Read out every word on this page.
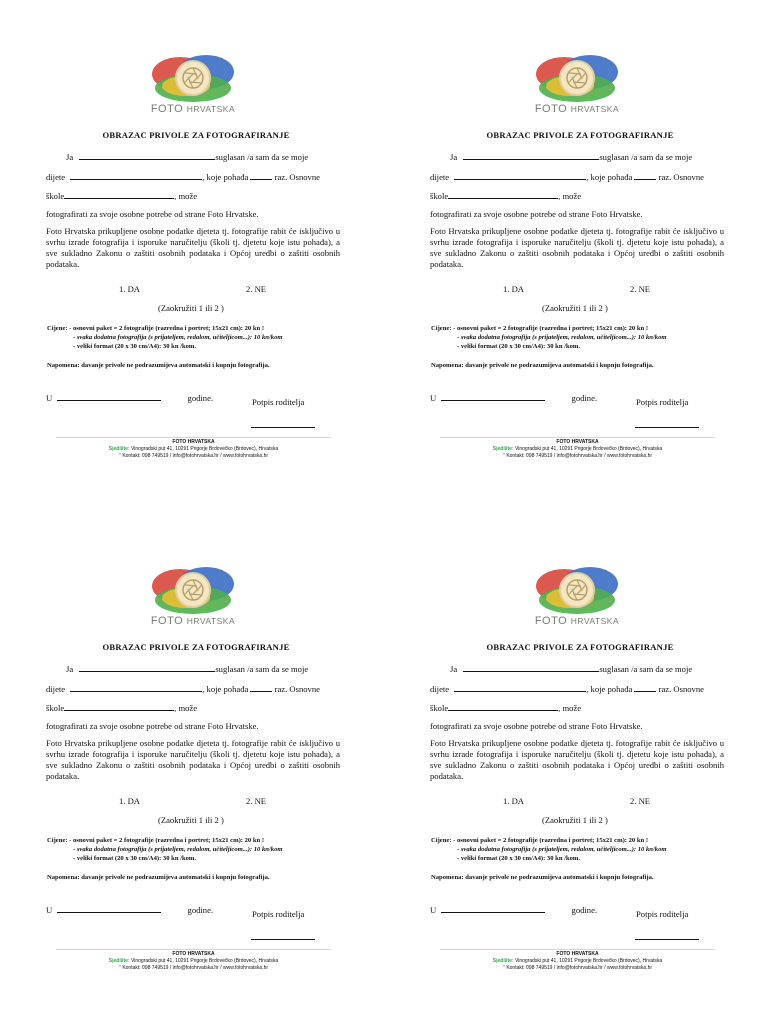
FOTO HRVATSKA
OBRAZAC PRIVOLE ZA FOTOGRAFIRANJE
Ja	suglasan /a sam da se moje
dijete	, koje pohađa	raz. Osnovne
škole	, može
fotografirati za svoje osobne potrebe od strane Foto Hrvatske.
Foto Hrvatska prikupljene osobne podatke djeteta tj. fotografije rabit će isključivo u svrhu izrade fotografija i isporuke naručitelju (školi tj. djetetu koje istu pohađa), a sve sukladno Zakonu o zaštiti osobnih podataka i Općoj uredbi o zaštiti osobnih podataka.
1. DA	2. NE
(Zaokružiti 1 ili 2 )
Cijene: - osnovni paket = 2 fotografije (razredna i portret; 15x21 cm): 20 kn !
- svaka dodatna fotografija (s prijateljem, redalom, učiteljicom...): 10 kn/kom
- veliki format (20 x 30 cm/A4): 30 kn /kom.
Napomena: davanje privole ne podrazumijeva automatski i kupnju fotografija.
U	godine.	Potpis roditelja
FOTO HRVATSKA
Sjedište: Vinogradski put 41, 10291 Prigorje Brdovečko (Brdovec), Hrvatska
* Kontakt: 098 749519 / info@fotohrvatska.hr / www.fotohrvatska.hr
FOTO HRVATSKA
OBRAZAC PRIVOLE ZA FOTOGRAFIRANJE
Ja	suglasan /a sam da se moje
dijete	, koje pohađa	raz. Osnovne
škole	, može
fotografirati za svoje osobne potrebe od strane Foto Hrvatske.
Foto Hrvatska prikupljene osobne podatke djeteta tj. fotografije rabit će isključivo u svrhu izrade fotografija i isporuke naručitelju (školi tj. djetetu koje istu pohađa), a sve sukladno Zakonu o zaštiti osobnih podataka i Općoj uredbi o zaštiti osobnih podataka.
1. DA	2. NE
(Zaokružiti 1 ili 2 )
Cijene: - osnovni paket = 2 fotografije (razredna i portret; 15x21 cm): 20 kn !
- svaka dodatna fotografija (s prijateljem, redalom, učiteljicom...): 10 kn/kom
- veliki format (20 x 30 cm/A4): 30 kn /kom.
Napomena: davanje privole ne podrazumijeva automatski i kupnju fotografija.
U	godine.	Potpis roditelja
FOTO HRVATSKA
Sjedište: Vinogradski put 41, 10291 Prigorje Brdovečko (Brdovec), Hrvatska
* Kontakt: 098 749519 / info@fotohrvatska.hr / www.fotohrvatska.hr
FOTO HRVATSKA
OBRAZAC PRIVOLE ZA FOTOGRAFIRANJE
Ja	suglasan /a sam da se moje
dijete	, koje pohađa	raz. Osnovne
škole	, može
fotografirati za svoje osobne potrebe od strane Foto Hrvatske.
Foto Hrvatska prikupljene osobne podatke djeteta tj. fotografije rabit će isključivo u svrhu izrade fotografija i isporuke naručitelju (školi tj. djetetu koje istu pohađa), a sve sukladno Zakonu o zaštiti osobnih podataka i Općoj uredbi o zaštiti osobnih podataka.
1. DA	2. NE
(Zaokružiti 1 ili 2 )
Cijene: - osnovni paket = 2 fotografije (razredna i portret; 15x21 cm): 20 kn !
- svaka dodatna fotografija (s prijateljem, redalom, učiteljicom...): 10 kn/kom
- veliki format (20 x 30 cm/A4): 30 kn /kom.
Napomena: davanje privole ne podrazumijeva automatski i kupnju fotografija.
U	godine.	Potpis roditelja
FOTO HRVATSKA
Sjedište: Vinogradski put 41, 10291 Prigorje Brdovečko (Brdovec), Hrvatska
* Kontakt: 098 749519 / info@fotohrvatska.hr / www.fotohrvatska.hr
FOTO HRVATSKA
OBRAZAC PRIVOLE ZA FOTOGRAFIRANJE
Ja	suglasan /a sam da se moje
dijete	, koje pohađa	raz. Osnovne
škole	, može
fotografirati za svoje osobne potrebe od strane Foto Hrvatske.
Foto Hrvatska prikupljene osobne podatke djeteta tj. fotografije rabit će isključivo u svrhu izrade fotografija i isporuke naručitelju (školi tj. djetetu koje istu pohađa), a sve sukladno Zakonu o zaštiti osobnih podataka i Općoj uredbi o zaštiti osobnih podataka.
1. DA	2. NE
(Zaokružiti 1 ili 2 )
Cijene: - osnovni paket = 2 fotografije (razredna i portret; 15x21 cm): 20 kn !
- svaka dodatna fotografija (s prijateljem, redalom, učiteljicom...): 10 kn/kom
- veliki format (20 x 30 cm/A4): 30 kn /kom.
Napomena: davanje privole ne podrazumijeva automatski i kupnju fotografija.
U	godine.	Potpis roditelja
FOTO HRVATSKA
Sjedište: Vinogradski put 41, 10291 Prigorje Brdovečko (Brdovec), Hrvatska
* Kontakt: 098 749519 / info@fotohrvatska.hr / www.fotohrvatska.hr
